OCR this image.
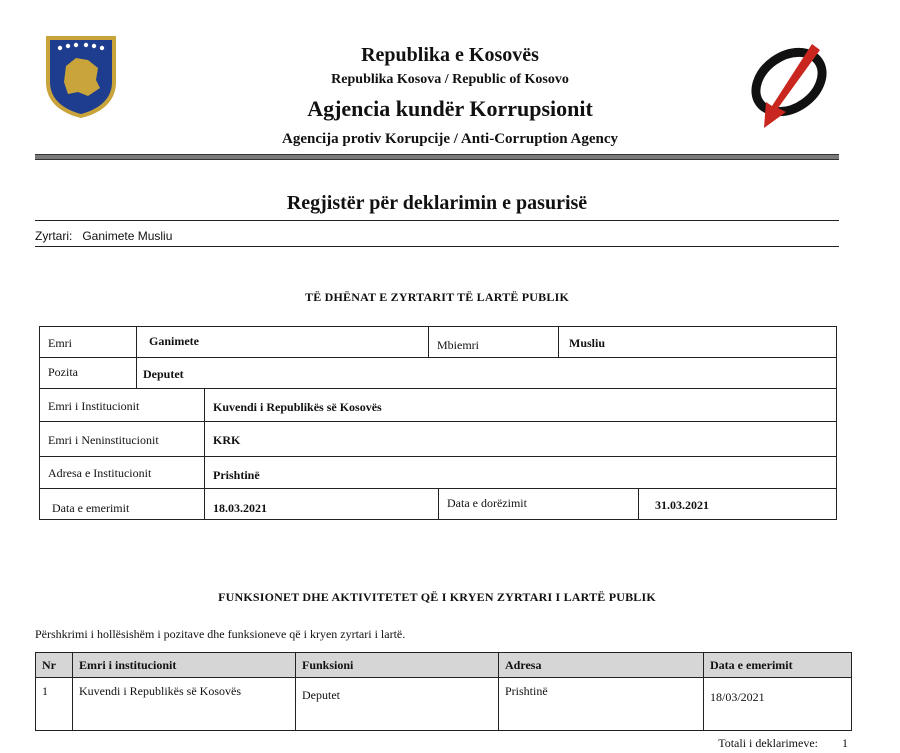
Republika e Kosovës
Republika Kosova / Republic of Kosovo
Agjencia kundër Korrupsionit
Agencija protiv Korupcije / Anti-Corruption Agency
Regjistër për deklarimin e pasurisë
Zyrtari: Ganimete Musliu
TË DHËNAT E ZYRTARIT TË LARTË PUBLIK
Emri	Ganimete	Mbiemri	Musliu
Pozita	Deputet
Emri i Institucionit	Kuvendi i Republikës së Kosovës
Emri i Neninstitucionit	KRK
Adresa e Institucionit	Prishtinë
Data e emerimit	18.03.2021	Data e dorëzimit	31.03.2021
FUNKSIONET DHE AKTIVITETET QË I KRYEN ZYRTARI I LARTË PUBLIK
Përshkrimi i hollësishëm i pozitave dhe funksioneve që i kryen zyrtari i lartë.
Nr	Emri i institucionit	Funksioni	Adresa	Data e emerimit
1	Kuvendi i Republikës së Kosovës	Deputet	Prishtinë	18/03/2021
Totali i deklarimeve: 1
